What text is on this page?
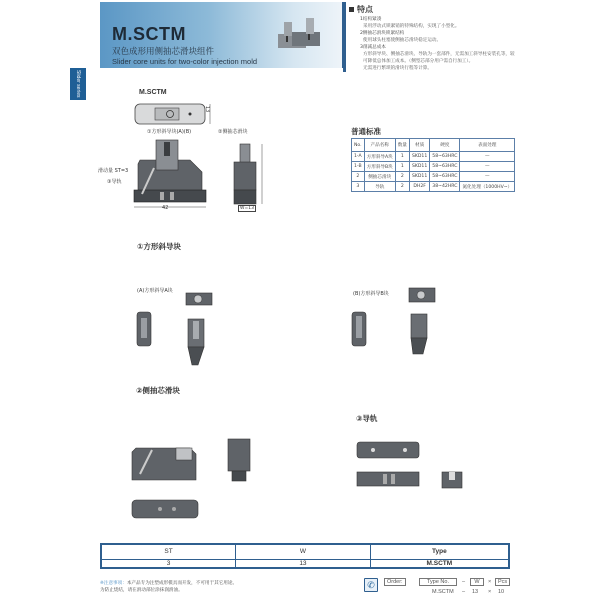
M.SCTM
双色成形用侧抽芯滑块组件
Slider core units for two-color injection mold
Slider series
特点
1结构紧凑
采用浮动式锁紧销的特殊结构，实现了小型化。
2侧抽芯滑块锁紧结构
使用球头柱塞使侧抽芯滑块稳定运动。
3削减总成本
方形斜导块、侧抽芯滑块、导轨为一套部件，无需加工斜导柱安装孔等，较可降低总体加工成本。（侧型芯部分用户需自行加工）。
无需进行繁琐的滑块行程等计算。
普通标准
No.	产品名称	数量	材质	硬度	表面处理
1-A	方形斜导A块	1	SKD11	58~63HRC	—
1-B	方形斜导B块	1	SKD11	58~63HRC	—
2	侧抽芯滑块	2	SKD11	58~63HRC	—
3	导轨	2	DH2F	38~42HRC	氮化处理（1000HV~）
M.SCTM
13
①方形斜导块(A)(B)	②侧抽芯滑块
滑动量 ST=3
③导轨
42	W=13
①方形斜导块
(A)方形斜导A块	(B)方形斜导B块
②侧抽芯滑块
③导轨
ST	W	Type
3	13	M.SCTM
※注意事项：本产品专为注塑成形模具而开发，不可用于其它用途。
为防止烧结，请在滑动部位涂抹润滑油。
✆	Order:	Type No.	–	W	×	Pcs
M.SCTM – 13 × 10
